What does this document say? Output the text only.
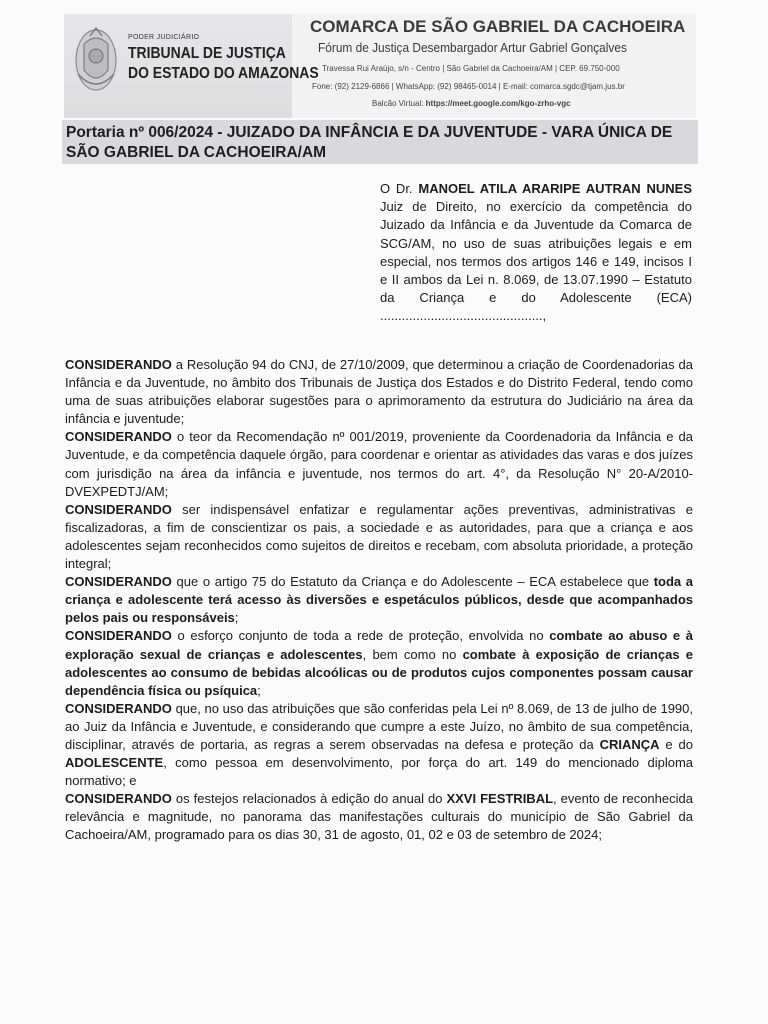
PODER JUDICIÁRIO
TRIBUNAL DE JUSTIÇA
DO ESTADO DO AMAZONAS
COMARCA DE SÃO GABRIEL DA CACHOEIRA
Fórum de Justiça Desembargador Artur Gabriel Gonçalves
Travessa Rui Araújo, s/n - Centro | São Gabriel da Cachoeira/AM | CEP. 69.750-000
Fone: (92) 2129-6866 | WhatsApp: (92) 98465-0014 | E-mail: comarca.sgdc@tjam.jus.br
Balcão Virtual: https://meet.google.com/kgo-zrho-vgc
Portaria nº 006/2024 - JUIZADO DA INFÂNCIA E DA JUVENTUDE - VARA ÚNICA DE SÃO GABRIEL DA CACHOEIRA/AM
O Dr. MANOEL ATILA ARARIPE AUTRAN NUNES Juiz de Direito, no exercício da competência do Juizado da Infância e da Juventude da Comarca de SCG/AM, no uso de suas atribuições legais e em especial, nos termos dos artigos 146 e 149, incisos I e II ambos da Lei n. 8.069, de 13.07.1990 – Estatuto da Criança e do Adolescente (ECA) .............................................,

CONSIDERANDO a Resolução 94 do CNJ, de 27/10/2009, que determinou a criação de Coordenadorias da Infância e da Juventude, no âmbito dos Tribunais de Justiça dos Estados e do Distrito Federal, tendo como uma de suas atribuições elaborar sugestões para o aprimoramento da estrutura do Judiciário na área da infância e juventude;

CONSIDERANDO o teor da Recomendação nº 001/2019, proveniente da Coordenadoria da Infância e da Juventude, e da competência daquele órgão, para coordenar e orientar as atividades das varas e dos juízes com jurisdição na área da infância e juventude, nos termos do art. 4°, da Resolução N° 20-A/2010-DVEXPEDTJ/AM;

CONSIDERANDO ser indispensável enfatizar e regulamentar ações preventivas, administrativas e fiscalizadoras, a fim de conscientizar os pais, a sociedade e as autoridades, para que a criança e aos adolescentes sejam reconhecidos como sujeitos de direitos e recebam, com absoluta prioridade, a proteção integral;

CONSIDERANDO que o artigo 75 do Estatuto da Criança e do Adolescente – ECA estabelece que toda a criança e adolescente terá acesso às diversões e espetáculos públicos, desde que acompanhados pelos pais ou responsáveis;

CONSIDERANDO o esforço conjunto de toda a rede de proteção, envolvida no combate ao abuso e à exploração sexual de crianças e adolescentes, bem como no combate à exposição de crianças e adolescentes ao consumo de bebidas alcoólicas ou de produtos cujos componentes possam causar dependência física ou psíquica;

CONSIDERANDO que, no uso das atribuições que são conferidas pela Lei nº 8.069, de 13 de julho de 1990, ao Juiz da Infância e Juventude, e considerando que cumpre a este Juízo, no âmbito de sua competência, disciplinar, através de portaria, as regras a serem observadas na defesa e proteção da CRIANÇA e do ADOLESCENTE, como pessoa em desenvolvimento, por força do art. 149 do mencionado diploma normativo; e

CONSIDERANDO os festejos relacionados à edição do anual do XXVI FESTRIBAL, evento de reconhecida relevância e magnitude, no panorama das manifestações culturais do município de São Gabriel da Cachoeira/AM, programado para os dias 30, 31 de agosto, 01, 02 e 03 de setembro de 2024;
